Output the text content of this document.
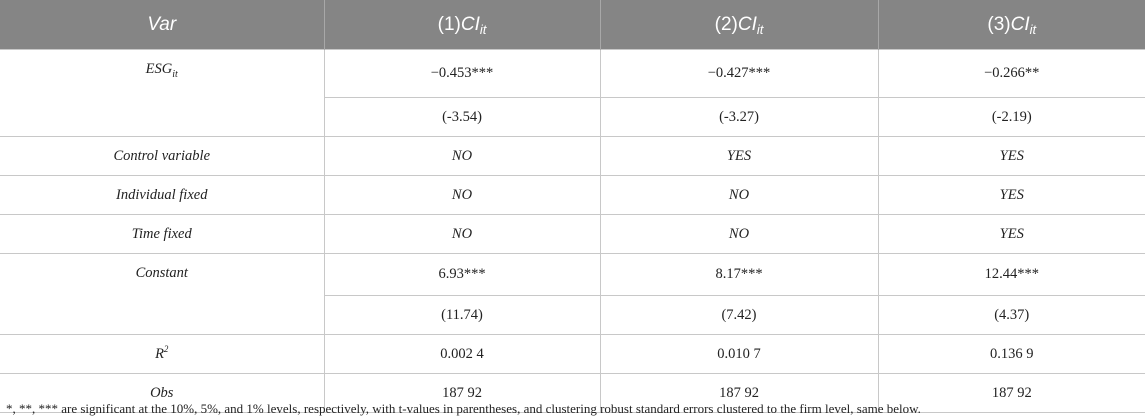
Var	$(1)CI_{it}$	$(2)CI_{it}$	$(3)CI_{it}$
$ESG_{it}$	−0.453***	−0.427***	−0.266**
	(-3.54)	(-3.27)	(-2.19)
Control variable	NO	YES	YES
Individual fixed	NO	NO	YES
Time fixed	NO	NO	YES
Constant	6.93***	8.17***	12.44***
	(11.74)	(7.42)	(4.37)
$R^2$	0.002 4	0.010 7	0.136 9
Obs	187 92	187 92	187 92
*, **, *** are significant at the 10%, 5%, and 1% levels, respectively, with t-values in parentheses, and clustering robust standard errors clustered to the firm level, same below.
